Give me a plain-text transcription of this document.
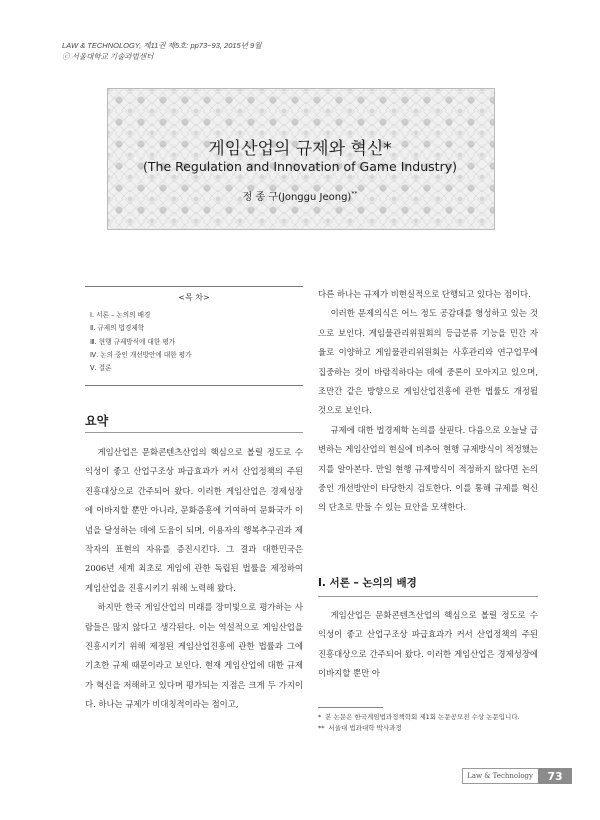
LAW & TECHNOLOGY, 제11권 제5호: pp73~93, 2015년 9월
ⓒ 서울대학교 기술과법센터
게임산업의 규제와 혁신*
(The Regulation and Innovation of Game Industry)
정 종 구(Jonggu Jeong)**
<목 차>
Ⅰ. 서론 – 논의의 배경
Ⅱ. 규제의 법경제학
Ⅲ. 현행 규제방식에 대한 평가
Ⅳ. 논의 중인 개선방안에 대한 평가
Ⅴ. 결론
요약

게임산업은 문화콘텐츠산업의 핵심으로 볼릴 정도로 수익성이 좋고 산업구조상 파급효과가 커서 산업정책의 주된 진흥대상으로 간주되어 왔다. 이러한 게임산업은 경제성장에 이바지할 뿐만 아니라, 문화증흥에 기여하여 문화국가 이념을 달성하는 데에 도움이 되며, 이용자의 행복추구권과 제작자의 표현의 자유를 증진시킨다. 그 결과 대한민국은 2006년 세계 최초로 게임에 관한 독립된 법률을 제정하여 게임산업을 진흥시키기 위해 노력해 왔다.

하지만 한국 게임산업의 미래를 장미빛으로 평가하는 사람들은 많지 않다고 생각된다. 이는 역설적으로 게임산업을 진흥시키기 위해 제정된 게임산업진흥에 관한 법률과 그에 기초한 규제 때문이라고 보인다. 현재 게임산업에 대한 규제가 혁신을 저해하고 있다며 평가되는 지점은 크게 두 가지이다. 하나는 규제가 비대칭적이라는 점이고,

다른 하나는 규제가 비현실적으로 단행되고 있다는 점이다.

이러한 문제의식은 어느 정도 공감대를 형성하고 있는 것으로 보인다. 게임물관리위원회의 등급분류 기능을 민간 자율로 이양하고 게임물관리위원회는 사후관리와 연구업무에 집중하는 것이 바람직하다는 데에 중론이 모아지고 있으며, 조만간 같은 방향으로 게임산업진흥에 관한 법률도 개정될 것으로 보인다.

규제에 대한 법경제학 논의를 살핀다. 다음으로 오늘날 급변하는 게임산업의 현실에 비추어 현행 규제방식이 적정했는지를 알아본다. 만일 현행 규제방식이 적정하지 않다면 논의 중인 개선방안이 타당한지 검토한다. 이를 통해 규제를 혁신의 단초로 만들 수 있는 묘안을 모색한다.

Ⅰ. 서론 – 논의의 배경

게임산업은 문화콘텐츠산업의 핵심으로 볼릴 정도로 수익성이 좋고 산업구조상 파급효과가 커서 산업정책의 주된 진흥대상으로 간주되어 왔다. 이러한 게임산업은 경제성장에 이바지할 뿐만 아

* 본 논문은 한국게임법과정책학회 제1회 논문공모전 수상 논문입니다.
** 서울대 법과대학 박사과정
Law & Technology	73
